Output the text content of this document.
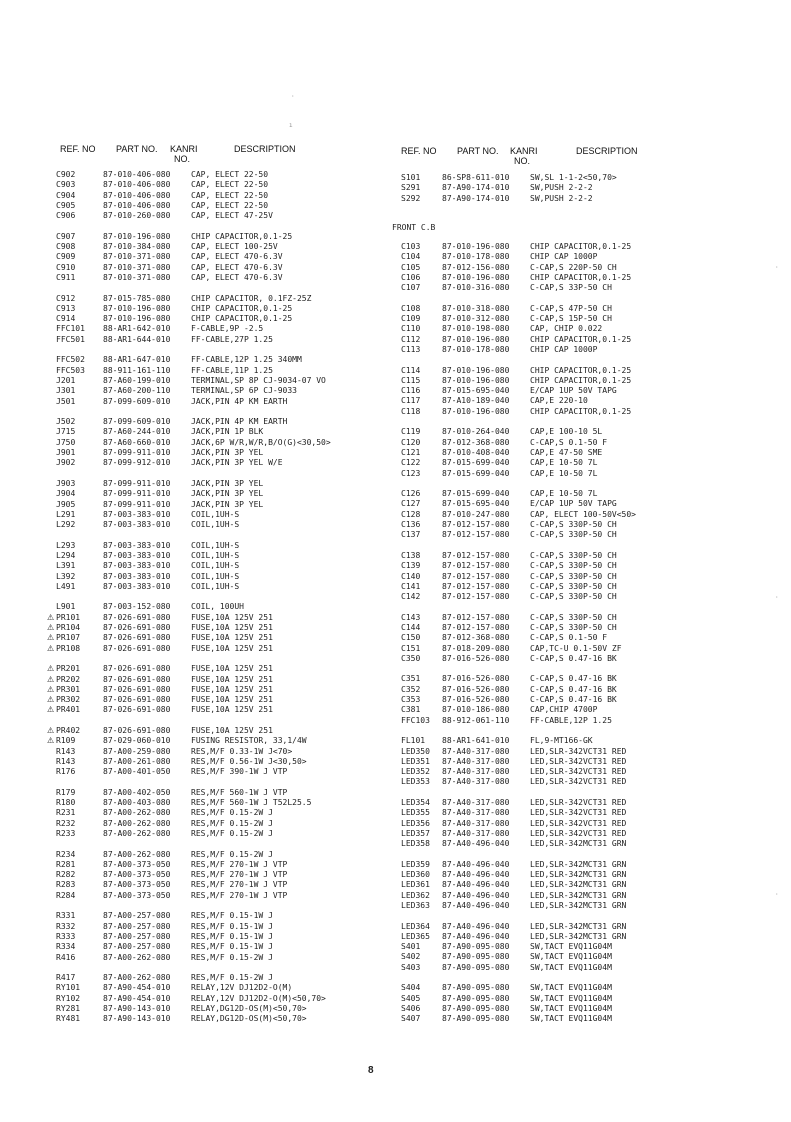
REF. NO PART NO. KANRI
NO.
DESCRIPTION	REF. NO PART NO. KANRI
NO.
DESCRIPTION
C902	87-010-406-080	CAP, ELECT 22-50
C903	87-010-406-080	CAP, ELECT 22-50
C904	87-010-406-080	CAP, ELECT 22-50
C905	87-010-406-080	CAP, ELECT 22-50
C906	87-010-260-080	CAP, ELECT 47-25V
C907	87-010-196-080	CHIP CAPACITOR,0.1-25
C908	87-010-384-080	CAP, ELECT 100-25V
C909	87-010-371-080	CAP, ELECT 470-6.3V
C910	87-010-371-080	CAP, ELECT 470-6.3V
C911	87-010-371-080	CAP, ELECT 470-6.3V
C912	87-015-785-080	CHIP CAPACITOR, 0.1FZ-25Z
C913	87-010-196-080	CHIP CAPACITOR,0.1-25
C914	87-010-196-080	CHIP CAPACITOR,0.1-25
FFC101	88-AR1-642-010	F-CABLE,9P -2.5
FFC501	88-AR1-644-010	FF-CABLE,27P 1.25
FFC502	88-AR1-647-010	FF-CABLE,12P 1.25 340MM
FFC503	88-911-161-110	FF-CABLE,11P 1.25
J201	87-A60-199-010	TERMINAL,SP 8P CJ-9034-07 VO
J301	87-A60-200-110	TERMINAL,SP 6P CJ-9033
J501	87-099-609-010	JACK,PIN 4P KM EARTH
J502	87-099-609-010	JACK,PIN 4P KM EARTH
J715	87-A60-244-010	JACK,PIN 1P BLK
J750	87-A60-660-010	JACK,6P W/R,W/R,B/O(G)<30,50>
J901	87-099-911-010	JACK,PIN 3P YEL
J902	87-099-912-010	JACK,PIN 3P YEL W/E
J903	87-099-911-010	JACK,PIN 3P YEL
J904	87-099-911-010	JACK,PIN 3P YEL
J905	87-099-911-010	JACK,PIN 3P YEL
L291	87-003-383-010	COIL,1UH-S
L292	87-003-383-010	COIL,1UH-S
L293	87-003-383-010	COIL,1UH-S
L294	87-003-383-010	COIL,1UH-S
L391	87-003-383-010	COIL,1UH-S
L392	87-003-383-010	COIL,1UH-S
L491	87-003-383-010	COIL,1UH-S
L901	87-003-152-080	COIL, 100UH
⚠ PR101	87-026-691-080	FUSE,10A 125V 251
⚠ PR104	87-026-691-080	FUSE,10A 125V 251
⚠ PR107	87-026-691-080	FUSE,10A 125V 251
⚠ PR108	87-026-691-080	FUSE,10A 125V 251
⚠ PR201	87-026-691-080	FUSE,10A 125V 251
⚠ PR202	87-026-691-080	FUSE,10A 125V 251
⚠ PR301	87-026-691-080	FUSE,10A 125V 251
⚠ PR302	87-026-691-080	FUSE,10A 125V 251
⚠ PR401	87-026-691-080	FUSE,10A 125V 251
⚠ PR402	87-026-691-080	FUSE,10A 125V 251
⚠ R109	87-029-060-010	FUSING RESISTOR, 33,1/4W
R143	87-A00-259-080	RES,M/F 0.33-1W J<70>
R143	87-A00-261-080	RES,M/F 0.56-1W J<30,50>
R176	87-A00-401-050	RES,M/F 390-1W J VTP
R179	87-A00-402-050	RES,M/F 560-1W J VTP
R180	87-A00-403-080	RES,M/F 560-1W J T52L25.5
R231	87-A00-262-080	RES,M/F 0.15-2W J
R232	87-A00-262-080	RES,M/F 0.15-2W J
R233	87-A00-262-080	RES,M/F 0.15-2W J
R234	87-A00-262-080	RES,M/F 0.15-2W J
R281	87-A00-373-050	RES,M/F 270-1W J VTP
R282	87-A00-373-050	RES,M/F 270-1W J VTP
R283	87-A00-373-050	RES,M/F 270-1W J VTP
R284	87-A00-373-050	RES,M/F 270-1W J VTP
R331	87-A00-257-080	RES,M/F 0.15-1W J
R332	87-A00-257-080	RES,M/F 0.15-1W J
R333	87-A00-257-080	RES,M/F 0.15-1W J
R334	87-A00-257-080	RES,M/F 0.15-1W J
R416	87-A00-262-080	RES,M/F 0.15-2W J
R417	87-A00-262-080	RES,M/F 0.15-2W J
RY101	87-A90-454-010	RELAY,12V DJ12D2-O(M)
RY102	87-A90-454-010	RELAY,12V DJ12D2-O(M)<50,70>
RY281	87-A90-143-010	RELAY,DG12D-OS(M)<50,70>
RY481	87-A90-143-010	RELAY,DG12D-OS(M)<50,70>
S101	86-SP8-611-010	SW,SL 1-1-2<50,70>
S291	87-A90-174-010	SW,PUSH 2-2-2
S292	87-A90-174-010	SW,PUSH 2-2-2
FRONT C.B
C103	87-010-196-080	CHIP CAPACITOR,0.1-25
C104	87-010-178-080	CHIP CAP 1000P
C105	87-012-156-080	C-CAP,S 220P-50 CH
C106	87-010-196-080	CHIP CAPACITOR,0.1-25
C107	87-010-316-080	C-CAP,S 33P-50 CH
C108	87-010-318-080	C-CAP,S 47P-50 CH
C109	87-010-312-080	C-CAP,S 15P-50 CH
C110	87-010-198-080	CAP, CHIP 0.022
C112	87-010-196-080	CHIP CAPACITOR,0.1-25
C113	87-010-178-080	CHIP CAP 1000P
C114	87-010-196-080	CHIP CAPACITOR,0.1-25
C115	87-010-196-080	CHIP CAPACITOR,0.1-25
C116	87-015-695-040	E/CAP 1UP 50V TAPG
C117	87-A10-189-040	CAP,E 220-10
C118	87-010-196-080	CHIP CAPACITOR,0.1-25
C119	87-010-264-040	CAP,E 100-10 5L
C120	87-012-368-080	C-CAP,S 0.1-50 F
C121	87-010-408-040	CAP,E 47-50 SME
C122	87-015-699-040	CAP,E 10-50 7L
C123	87-015-699-040	CAP,E 10-50 7L
C126	87-015-699-040	CAP,E 10-50 7L
C127	87-015-695-040	E/CAP 1UP 50V TAPG
C128	87-010-247-080	CAP, ELECT 100-50V<50>
C136	87-012-157-080	C-CAP,S 330P-50 CH
C137	87-012-157-080	C-CAP,S 330P-50 CH
C138	87-012-157-080	C-CAP,S 330P-50 CH
C139	87-012-157-080	C-CAP,S 330P-50 CH
C140	87-012-157-080	C-CAP,S 330P-50 CH
C141	87-012-157-080	C-CAP,S 330P-50 CH
C142	87-012-157-080	C-CAP,S 330P-50 CH
C143	87-012-157-080	C-CAP,S 330P-50 CH
C144	87-012-157-080	C-CAP,S 330P-50 CH
C150	87-012-368-080	C-CAP,S 0.1-50 F
C151	87-018-209-080	CAP,TC-U 0.1-50V ZF
C350	87-016-526-080	C-CAP,S 0.47-16 BK
C351	87-016-526-080	C-CAP,S 0.47-16 BK
C352	87-016-526-080	C-CAP,S 0.47-16 BK
C353	87-016-526-080	C-CAP,S 0.47-16 BK
C381	87-010-186-080	CAP,CHIP 4700P
FFC103	88-912-061-110	FF-CABLE,12P 1.25
FL101	88-AR1-641-010	FL,9-MT166-GK
LED350	87-A40-317-080	LED,SLR-342VCT31 RED
LED351	87-A40-317-080	LED,SLR-342VCT31 RED
LED352	87-A40-317-080	LED,SLR-342VCT31 RED
LED353	87-A40-317-080	LED,SLR-342VCT31 RED
LED354	87-A40-317-080	LED,SLR-342VCT31 RED
LED355	87-A40-317-080	LED,SLR-342VCT31 RED
LED356	87-A40-317-080	LED,SLR-342VCT31 RED
LED357	87-A40-317-080	LED,SLR-342VCT31 RED
LED358	87-A40-496-040	LED,SLR-342MCT31 GRN
LED359	87-A40-496-040	LED,SLR-342MCT31 GRN
LED360	87-A40-496-040	LED,SLR-342MCT31 GRN
LED361	87-A40-496-040	LED,SLR-342MCT31 GRN
LED362	87-A40-496-040	LED,SLR-342MCT31 GRN
LED363	87-A40-496-040	LED,SLR-342MCT31 GRN
LED364	87-A40-496-040	LED,SLR-342MCT31 GRN
LED365	87-A40-496-040	LED,SLR-342MCT31 GRN
S401	87-A90-095-080	SW,TACT EVQ11G04M
S402	87-A90-095-080	SW,TACT EVQ11G04M
S403	87-A90-095-080	SW,TACT EVQ11G04M
S404	87-A90-095-080	SW,TACT EVQ11G04M
S405	87-A90-095-080	SW,TACT EVQ11G04M
S406	87-A90-095-080	SW,TACT EVQ11G04M
S407	87-A90-095-080	SW,TACT EVQ11G04M
8
·
ı
·
·
·
